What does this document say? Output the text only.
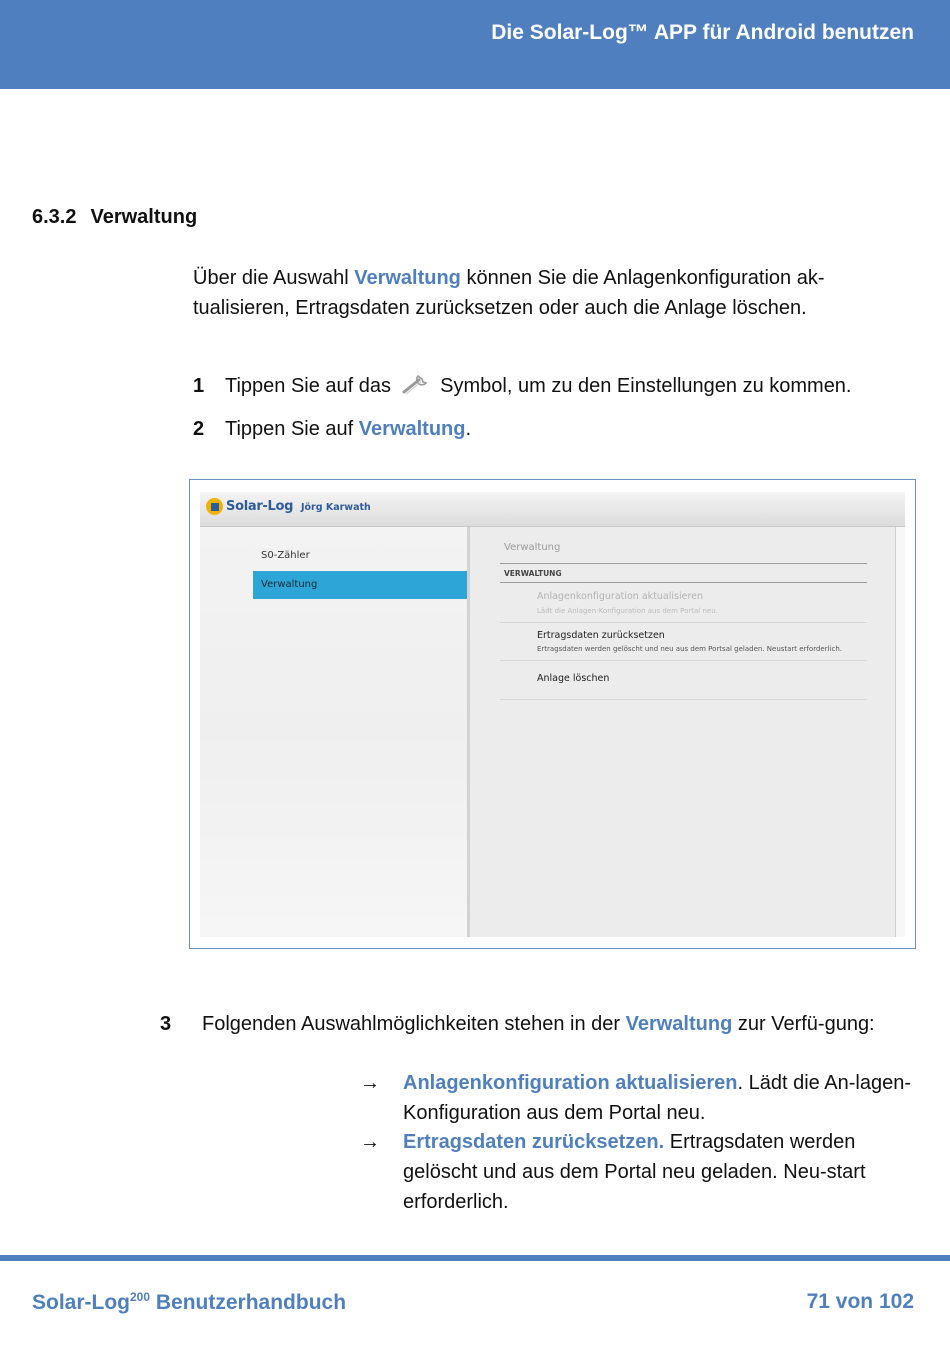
Die Solar-Log™ APP für Android benutzen
6.3.2 Verwaltung
Über die Auswahl Verwaltung können Sie die Anlagenkonfiguration ak-tualisieren, Ertragsdaten zurücksetzen oder auch die Anlage löschen.
1 Tippen Sie auf das Symbol, um zu den Einstellungen zu kommen.
2 Tippen Sie auf Verwaltung.
Solar-Log Jörg Karwath
S0-Zähler
Verwaltung
Verwaltung
VERWALTUNG
Anlagenkonfiguration aktualisieren
Lädt die Anlagen-Konfiguration aus dem Portal neu.
Ertragsdaten zurücksetzen
Ertragsdaten werden gelöscht und neu aus dem Portsal geladen. Neustart erforderlich.
Anlage löschen
3 Folgenden Auswahlmöglichkeiten stehen in der Verwaltung zur Verfü-gung:
→ Anlagenkonfiguration aktualisieren. Lädt die An-lagen-Konfiguration aus dem Portal neu.
→ Ertragsdaten zurücksetzen. Ertragsdaten werden gelöscht und aus dem Portal neu geladen. Neu-start erforderlich.
Solar-Log$^{200}$ Benutzerhandbuch	71 von 102
